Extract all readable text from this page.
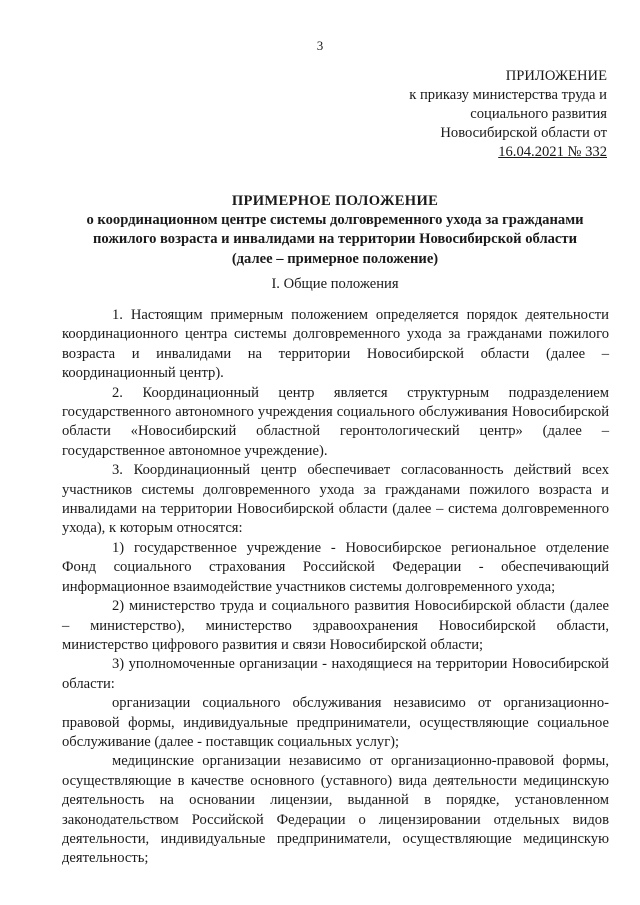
3
ПРИЛОЖЕНИЕ
к приказу министерства труда и
социального развития
Новосибирской области от
16.04.2021 № 332
ПРИМЕРНОЕ ПОЛОЖЕНИЕ
о координационном центре системы долговременного ухода за гражданами
пожилого возраста и инвалидами на территории Новосибирской области
(далее – примерное положение)
I. Общие положения

1. Настоящим примерным положением определяется порядок деятельности координационного центра системы долговременного ухода за гражданами пожилого возраста и инвалидами на территории Новосибирской области (далее – координационный центр).

2. Координационный центр является структурным подразделением государственного автономного учреждения социального обслуживания Новосибирской области «Новосибирский областной геронтологический центр» (далее – государственное автономное учреждение).

3. Координационный центр обеспечивает согласованность действий всех участников системы долговременного ухода за гражданами пожилого возраста и инвалидами на территории Новосибирской области (далее – система долговременного ухода), к которым относятся:

1) государственное учреждение - Новосибирское региональное отделение Фонд социального страхования Российской Федерации - обеспечивающий информационное взаимодействие участников системы долговременного ухода;

2) министерство труда и социального развития Новосибирской области (далее – министерство), министерство здравоохранения Новосибирской области, министерство цифрового развития и связи Новосибирской области;

3) уполномоченные организации - находящиеся на территории Новосибирской области:

организации социального обслуживания независимо от организационно-правовой формы, индивидуальные предприниматели, осуществляющие социальное обслуживание (далее - поставщик социальных услуг);

медицинские организации независимо от организационно-правовой формы, осуществляющие в качестве основного (уставного) вида деятельности медицинскую деятельность на основании лицензии, выданной в порядке, установленном законодательством Российской Федерации о лицензировании отдельных видов деятельности, индивидуальные предприниматели, осуществляющие медицинскую деятельность;
